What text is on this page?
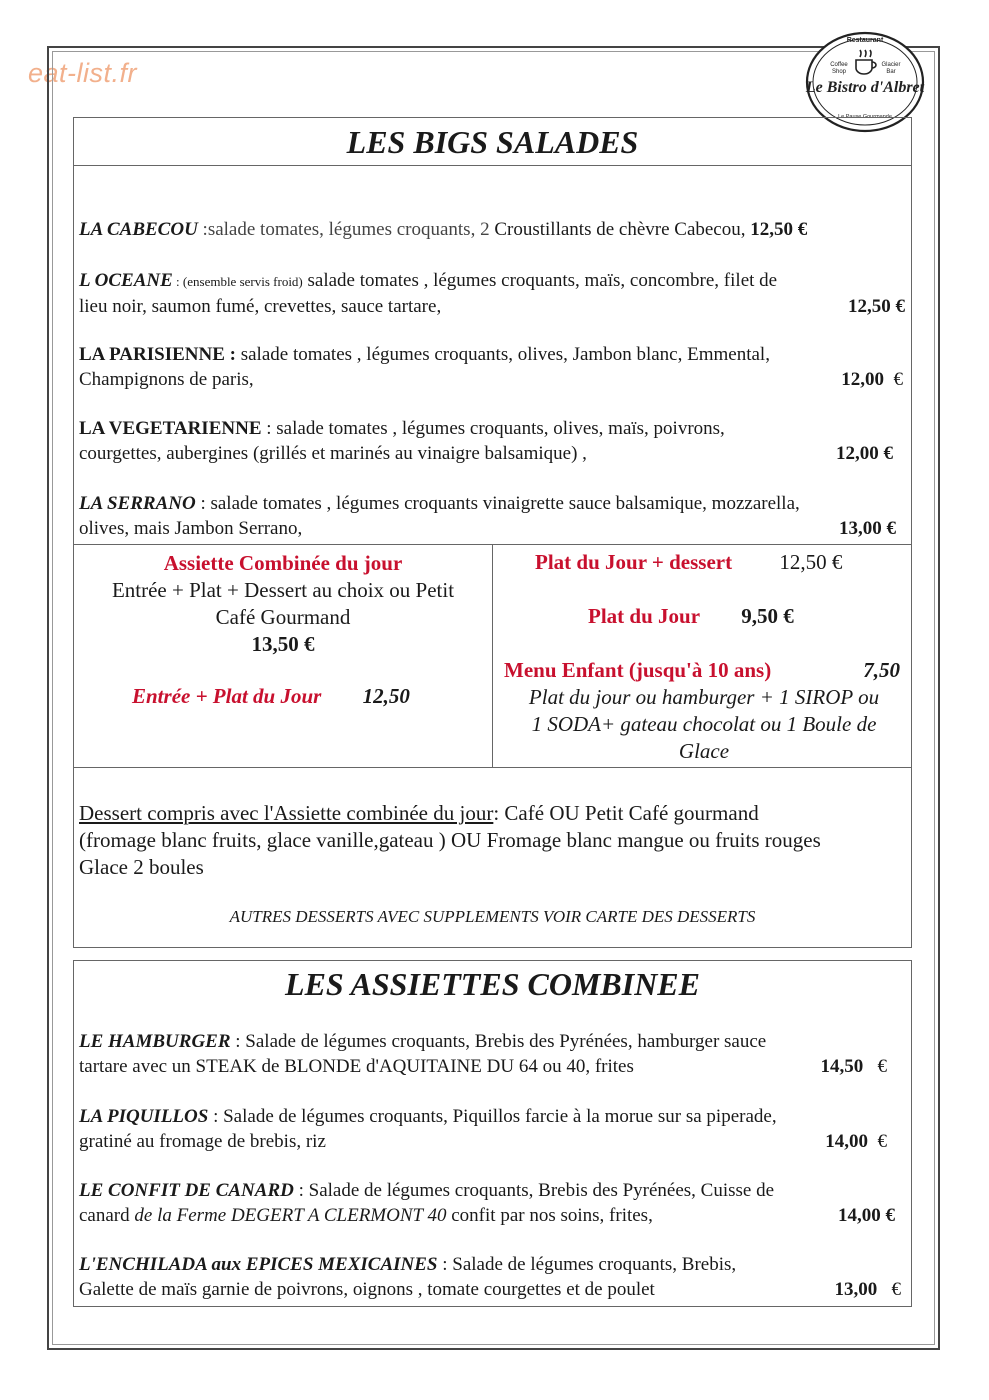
eat-list.fr
Restaurant
Coffee
Shop
Glacier
Bar
Le Bistro d'Albret
Le Pause Gourmande
LES BIGS SALADES
LA CABECOU :salade tomates, légumes croquants, 2 Croustillants de chèvre Cabecou, 12,50 €
L OCEANE : (ensemble servis froid) salade tomates , légumes croquants, maïs, concombre, filet de
lieu noir, saumon fumé, crevettes, sauce tartare,	12,50 €
LA PARISIENNE : salade tomates , légumes croquants, olives, Jambon blanc, Emmental,
Champignons de paris,	12,00 €
LA VEGETARIENNE : salade tomates , légumes croquants, olives, maïs, poivrons,
courgettes, aubergines (grillés et marinés au vinaigre balsamique) ,	12,00 €
LA SERRANO : salade tomates , légumes croquants vinaigrette sauce balsamique, mozzarella,
olives, mais Jambon Serrano,	13,00 €
Assiette Combinée du jour
Entrée + Plat + Dessert au choix ou Petit
Café Gourmand
13,50 €
Entrée + Plat du Jour 12,50
Plat du Jour + dessert 12,50 €
Plat du Jour 9,50 €
Menu Enfant (jusqu'à 10 ans)	7,50
Plat du jour ou hamburger + 1 SIROP ou
1 SODA+ gateau chocolat ou 1 Boule de
Glace
Dessert compris avec l'Assiette combinée du jour: Café OU Petit Café gourmand
(fromage blanc fruits, glace vanille,gateau ) OU Fromage blanc mangue ou fruits rouges
Glace 2 boules
AUTRES DESSERTS AVEC SUPPLEMENTS VOIR CARTE DES DESSERTS
LES ASSIETTES COMBINEE
LE HAMBURGER : Salade de légumes croquants, Brebis des Pyrénées, hamburger sauce
tartare avec un STEAK de BLONDE d'AQUITAINE DU 64 ou 40, frites	14,50 €
LA PIQUILLOS : Salade de légumes croquants, Piquillos farcie à la morue sur sa piperade,
gratiné au fromage de brebis, riz	14,00 €
LE CONFIT DE CANARD : Salade de légumes croquants, Brebis des Pyrénées, Cuisse de
canard de la Ferme DEGERT A CLERMONT 40 confit par nos soins, frites,	14,00 €
L'ENCHILADA aux EPICES MEXICAINES : Salade de légumes croquants, Brebis,
Galette de maïs garnie de poivrons, oignons , tomate courgettes et de poulet	13,00 €
